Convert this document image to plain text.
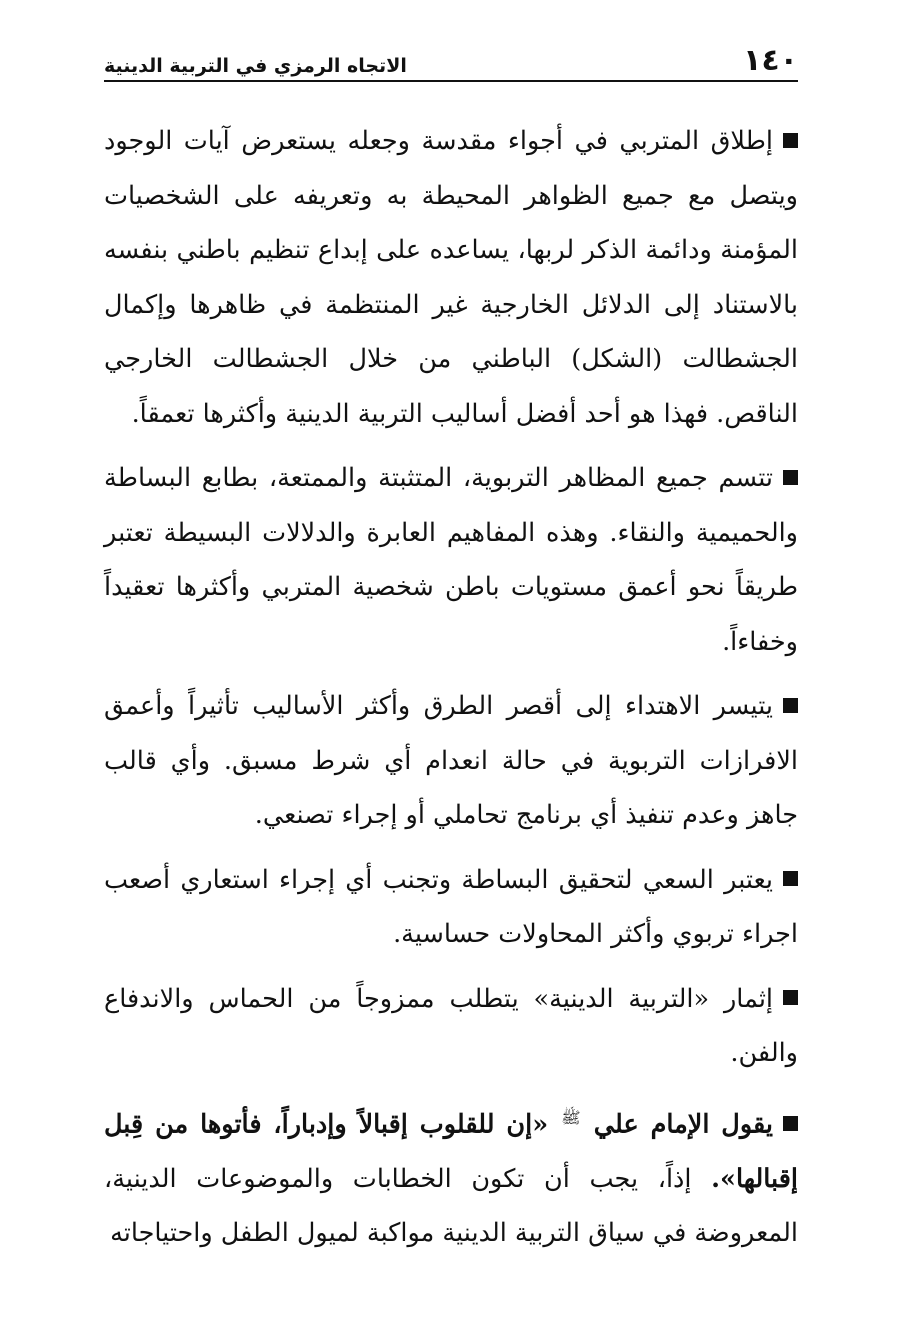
١٤٠
الاتجاه الرمزي في التربية الدينية

إطلاق المتربي في أجواء مقدسة وجعله يستعرض آيات الوجود ويتصل مع جميع الظواهر المحيطة به وتعريفه على الشخصيات المؤمنة ودائمة الذكر لربها، يساعده على إبداع تنظيم باطني بنفسه بالاستناد إلى الدلائل الخارجية غير المنتظمة في ظاهرها وإكمال الجشطالت (الشكل) الباطني من خلال الجشطالت الخارجي الناقص. فهذا هو أحد أفضل أساليب التربية الدينية وأكثرها تعمقاً.

تتسم جميع المظاهر التربوية، المتثبتة والممتعة، بطابع البساطة والحميمية والنقاء. وهذه المفاهيم العابرة والدلالات البسيطة تعتبر طريقاً نحو أعمق مستويات باطن شخصية المتربي وأكثرها تعقيداً وخفاءاً.

يتيسر الاهتداء إلى أقصر الطرق وأكثر الأساليب تأثيراً وأعمق الافرازات التربوية في حالة انعدام أي شرط مسبق. وأي قالب جاهز وعدم تنفيذ أي برنامج تحاملي أو إجراء تصنعي.

يعتبر السعي لتحقيق البساطة وتجنب أي إجراء استعاري أصعب اجراء تربوي وأكثر المحاولات حساسية.

إثمار «التربية الدينية» يتطلب ممزوجاً من الحماس والاندفاع والفن.

يقول الإمام علي $^ﷺ$ «إن للقلوب إقبالاً وإدباراً، فأتوها من قِبل إقبالها». إذاً، يجب أن تكون الخطابات والموضوعات الدينية، المعروضة في سياق التربية الدينية مواكبة لميول الطفل واحتياجاته
